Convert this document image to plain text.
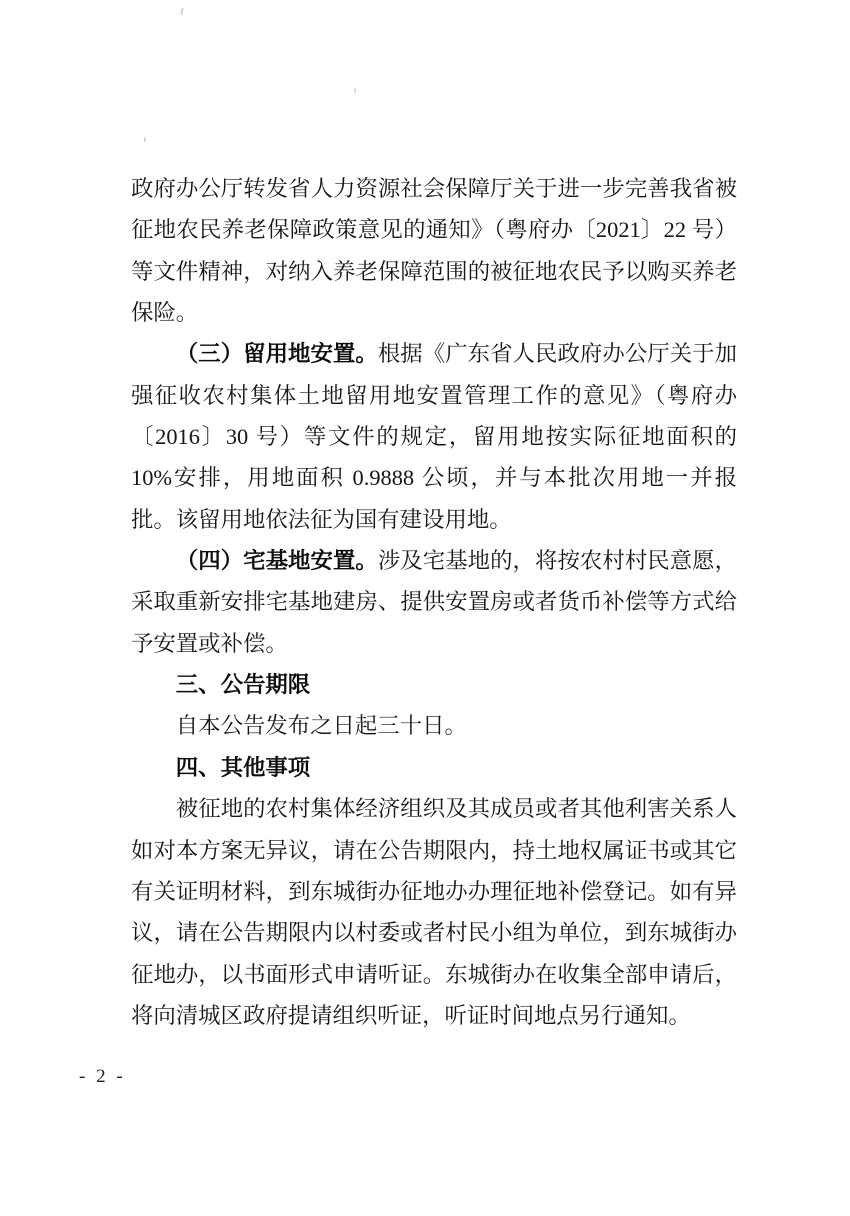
政府办公厅转发省人力资源社会保障厅关于进一步完善我省被征地农民养老保障政策意见的通知》（粤府办〔2021〕22 号）等文件精神，对纳入养老保障范围的被征地农民予以购买养老保险。

（三）留用地安置。根据《广东省人民政府办公厅关于加强征收农村集体土地留用地安置管理工作的意见》（粤府办〔2016〕30 号）等文件的规定，留用地按实际征地面积的 10%安排，用地面积 0.9888 公顷，并与本批次用地一并报批。该留用地依法征为国有建设用地。

（四）宅基地安置。涉及宅基地的，将按农村村民意愿，采取重新安排宅基地建房、提供安置房或者货币补偿等方式给予安置或补偿。

三、公告期限

自本公告发布之日起三十日。

四、其他事项

被征地的农村集体经济组织及其成员或者其他利害关系人如对本方案无异议，请在公告期限内，持土地权属证书或其它有关证明材料，到东城街办征地办办理征地补偿登记。如有异议，请在公告期限内以村委或者村民小组为单位，到东城街办征地办，以书面形式申请听证。东城街办在收集全部申请后，将向清城区政府提请组织听证，听证时间地点另行通知。

- 2 -
